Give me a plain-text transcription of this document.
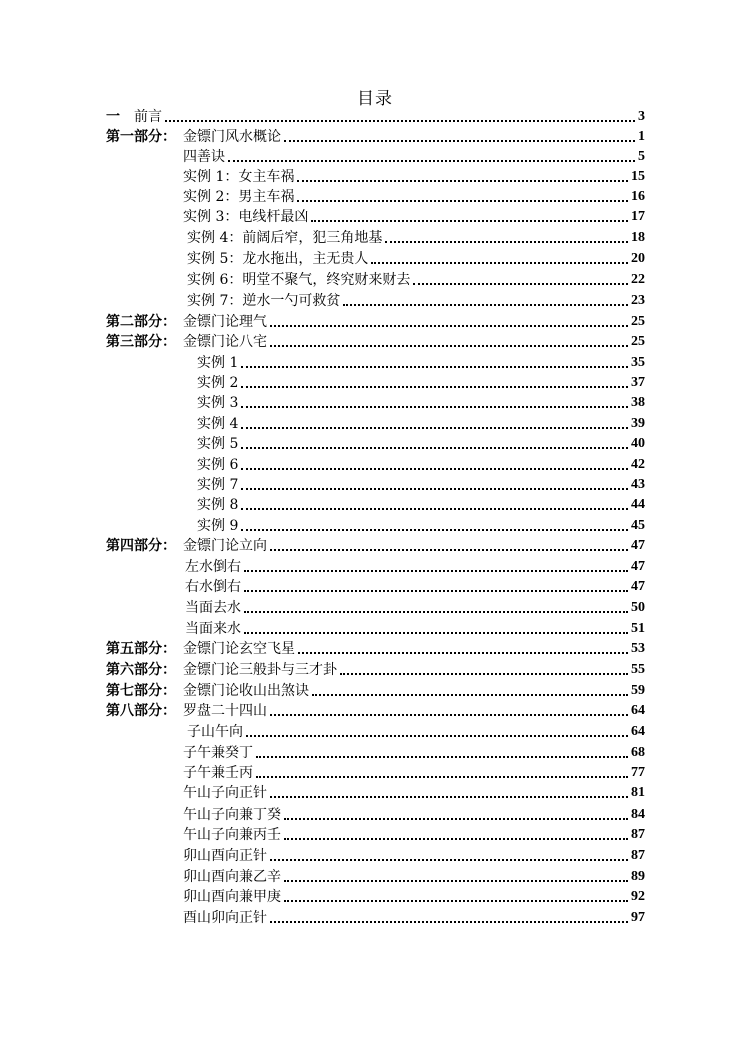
目录
一	前言	3
第一部分： 金镖门风水概论	1
四善诀	5
实例 1：女主车祸	15
实例 2：男主车祸	16
实例 3：电线杆最凶	17
实例 4：前阔后窄，犯三角地基	18
实例 5：龙水拖出，主无贵人	20
实例 6：明堂不聚气，终究财来财去	22
实例 7：逆水一勺可救贫	23
第二部分： 金镖门论理气	25
第三部分： 金镖门论八宅	25
实例 1	35
实例 2	37
实例 3	38
实例 4	39
实例 5	40
实例 6	42
实例 7	43
实例 8	44
实例 9	45
第四部分： 金镖门论立向	47
左水倒右	47
右水倒右	47
当面去水	50
当面来水	51
第五部分： 金镖门论玄空飞星	53
第六部分： 金镖门论三般卦与三才卦	55
第七部分： 金镖门论收山出煞诀	59
第八部分： 罗盘二十四山	64
子山午向	64
子午兼癸丁	68
子午兼壬丙	77
午山子向正针	81
午山子向兼丁癸	84
午山子向兼丙壬	87
卯山酉向正针	87
卯山酉向兼乙辛	89
卯山酉向兼甲庚	92
酉山卯向正针	97
